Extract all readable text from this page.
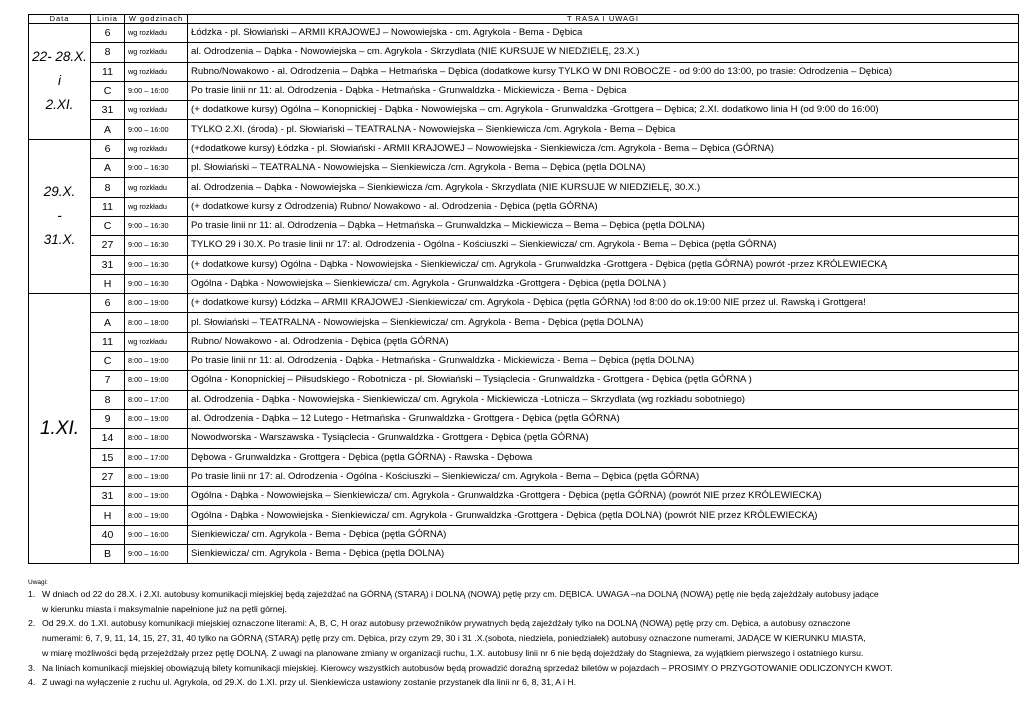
Data	Linia	W godzinach	T RASA I UWAGI

22- 28.X.
i
2.XI.	6	wg rozkładu	Łódzka - pl. Słowiański – ARMII KRAJOWEJ – Nowowiejska - cm. Agrykola - Bema - Dębica
	8	wg rozkładu	al. Odrodzenia – Dąbka - Nowowiejska – cm. Agrykola - Skrzydlata (NIE KURSUJE W NIEDZIELĘ, 23.X.)
	11	wg rozkładu	Rubno/Nowakowo - al. Odrodzenia – Dąbka – Hetmańska – Dębica (dodatkowe kursy TYLKO W DNI ROBOCZE - od 9:00 do 13:00, po trasie: Odrodzenia – Dębica)
	C	9:00 – 16:00	Po trasie linii nr 11: al. Odrodzenia - Dąbka - Hetmańska - Grunwaldzka - Mickiewicza - Bema - Dębica
	31	wg rozkładu	(+ dodatkowe kursy) Ogólna – Konopnickiej - Dąbka - Nowowiejska – cm. Agrykola - Grunwaldzka -Grottgera – Dębica; 2.XI. dodatkowo linia H (od 9:00 do 16:00)
	A	9:00 – 16:00	TYLKO 2.XI. (środa) - pl. Słowiański – TEATRALNA - Nowowiejska – Sienkiewicza /cm. Agrykola - Bema – Dębica

29.X.
-
31.X.	6	wg rozkładu	(+dodatkowe kursy) Łódzka - pl. Słowiański - ARMII KRAJOWEJ – Nowowiejska - Sienkiewicza /cm. Agrykola - Bema – Dębica (GÓRNA)
	A	9:00 – 16:30	pl. Słowiański – TEATRALNA - Nowowiejska – Sienkiewicza /cm. Agrykola - Bema – Dębica (pętla DOLNA)
	8	wg rozkładu	al. Odrodzenia – Dąbka - Nowowiejska – Sienkiewicza /cm. Agrykola - Skrzydlata (NIE KURSUJE W NIEDZIELĘ, 30.X.)
	11	wg rozkładu	(+ dodatkowe kursy z Odrodzenia) Rubno/ Nowakowo - al. Odrodzenia - Dębica (pętla GÓRNA)
	C	9:00 – 16:30	Po trasie linii nr 11: al. Odrodzenia – Dąbka – Hetmańska – Grunwaldzka – Mickiewicza – Bema – Dębica (pętla DOLNA)
	27	9:00 – 16:30	TYLKO 29 i 30.X. Po trasie linii nr 17: al. Odrodzenia - Ogólna - Kościuszki – Sienkiewicza/ cm. Agrykola - Bema – Dębica (pętla GÓRNA)
	31	9:00 – 16:30	(+ dodatkowe kursy) Ogólna - Dąbka - Nowowiejska - Sienkiewicza/ cm. Agrykola - Grunwaldzka -Grottgera - Dębica (pętla GÓRNA) powrót -przez KRÓLEWIECKĄ
	H	9:00 – 16:30	Ogólna - Dąbka - Nowowiejska – Sienkiewicza/ cm. Agrykola - Grunwaldzka -Grottgera - Dębica (pętla DOLNA )

1.XI.	6	8:00 – 19:00	(+ dodatkowe kursy) Łódzka – ARMII KRAJOWEJ -Sienkiewicza/ cm. Agrykola - Dębica (pętla GÓRNA) !od 8:00 do ok.19:00 NIE przez ul. Rawską i Grottgera!
	A	8:00 – 18:00	pl. Słowiański – TEATRALNA - Nowowiejska – Sienkiewicza/ cm. Agrykola - Bema - Dębica (pętla DOLNA)
	11	wg rozkładu	Rubno/ Nowakowo - al. Odrodzenia - Dębica (pętla GÓRNA)
	C	8:00 – 19:00	Po trasie linii nr 11: al. Odrodzenia - Dąbka - Hetmańska - Grunwaldzka - Mickiewicza - Bema – Dębica (pętla DOLNA)
	7	8:00 – 19:00	Ogólna - Konopnickiej – Piłsudskiego - Robotnicza - pl. Słowiański – Tysiąclecia - Grunwaldzka - Grottgera - Dębica (pętla GÓRNA )
	8	8:00 – 17:00	al. Odrodzenia - Dąbka - Nowowiejska - Sienkiewicza/ cm. Agrykola - Mickiewicza -Lotnicza – Skrzydlata (wg rozkładu sobotniego)
	9	8:00 – 19:00	al. Odrodzenia - Dąbka – 12 Lutego - Hetmańska - Grunwaldzka - Grottgera - Dębica (pętla GÓRNA)
	14	8:00 – 18:00	Nowodworska - Warszawska - Tysiąclecia - Grunwaldzka - Grottgera - Dębica (pętla GÓRNA)
	15	8:00 – 17:00	Dębowa - Grunwaldzka - Grottgera - Dębica (pętla GÓRNA) - Rawska - Dębowa
	27	8:00 – 19:00	Po trasie linii nr 17: al. Odrodzenia - Ogólna - Kościuszki – Sienkiewicza/ cm. Agrykola - Bema – Dębica (pętla GÓRNA)
	31	8:00 – 19:00	Ogólna - Dąbka - Nowowiejska – Sienkiewicza/ cm. Agrykola - Grunwaldzka -Grottgera - Dębica (pętla GÓRNA) (powrót NIE przez KRÓLEWIECKĄ)
	H	8:00 – 19:00	Ogólna - Dąbka - Nowowiejska - Sienkiewicza/ cm. Agrykola - Grunwaldzka -Grottgera - Dębica (pętla DOLNA) (powrót NIE przez KRÓLEWIECKĄ)
	40	9:00 – 16:00	Sienkiewicza/ cm. Agrykola - Bema - Dębica (pętla GÓRNA)
	B	9:00 – 16:00	Sienkiewicza/ cm. Agrykola - Bema - Dębica (pętla DOLNA)
Uwagi:
1. W dniach od 22 do 28.X. i 2.XI. autobusy komunikacji miejskiej będą zajeżdżać na GÓRNĄ (STARĄ) i DOLNĄ (NOWĄ) pętlę przy cm. DĘBICA. UWAGA –na DOLNĄ (NOWĄ) pętlę nie będą zajeżdżały autobusy jadące
w kierunku miasta i maksymalnie napełnione już na pętli górnej.
2. Od 29.X. do 1.XI. autobusy komunikacji miejskiej oznaczone literami: A, B, C, H oraz autobusy przewoźników prywatnych będą zajeżdżały tylko na DOLNĄ (NOWĄ) pętlę przy cm. Dębica, a autobusy oznaczone
numerami: 6, 7, 9, 11, 14, 15, 27, 31, 40 tylko na GÓRNĄ (STARĄ) pętlę przy cm. Dębica, przy czym 29, 30 i 31 .X.(sobota, niedziela, poniedziałek) autobusy oznaczone numerami, JADĄCE W KIERUNKU MIASTA,
w miarę możliwości będą przejeżdżały przez pętlę DOLNĄ. Z uwagi na planowane zmiany w organizacji ruchu, 1.X. autobusy linii nr 6 nie będą dojeżdżały do Stagniewa, za wyjątkiem pierwszego i ostatniego kursu.
3. Na liniach komunikacji miejskiej obowiązują bilety komunikacji miejskiej. Kierowcy wszystkich autobusów będą prowadzić doraźną sprzedaż biletów w pojazdach – PROSIMY O PRZYGOTOWANIE ODLICZONYCH KWOT.
4. Z uwagi na wyłączenie z ruchu ul. Agrykola, od 29.X. do 1.XI. przy ul. Sienkiewicza ustawiony zostanie przystanek dla linii nr 6, 8, 31, A i H.
